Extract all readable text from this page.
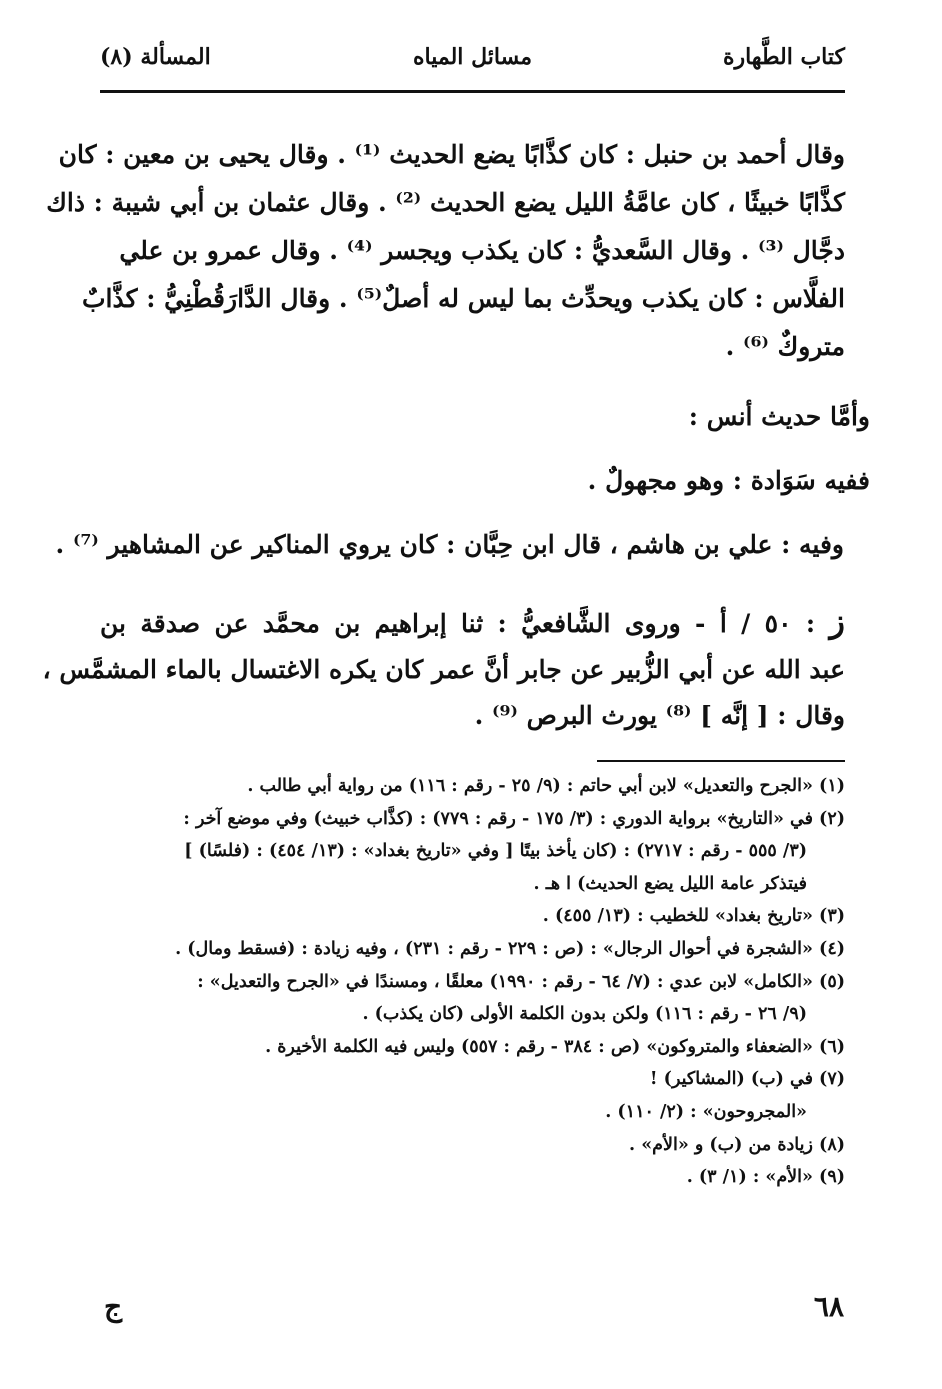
كتاب الطَّهارة
مسائل المياه
المسألة (٨)
وقال أحمد بن حنبل : كان كذَّابًا يضع الحديث ⁽¹⁾ . وقال يحيى بن معين : كان
كذَّابًا خبيثًا ، كان عامَّةُ الليل يضع الحديث ⁽²⁾ . وقال عثمان بن أبي شيبة : ذاك
دجَّال ⁽³⁾ . وقال السَّعديُّ : كان يكذب ويجسر ⁽⁴⁾ . وقال عمرو بن علي
الفلَّاس : كان يكذب ويحدِّث بما ليس له أصلٌ⁽⁵⁾ . وقال الدَّارَقُطْنِيُّ : كذَّابٌ
متروكٌ ⁽⁶⁾ .
وأمَّا حديث أنس :
ففيه سَوَادة : وهو مجهولٌ .
وفيه : علي بن هاشم ، قال ابن حِبَّان : كان يروي المناكير عن المشاهير ⁽⁷⁾ .
ز : ٥٠ / أ - وروى الشَّافعيُّ : ثنا إبراهيم بن محمَّد عن صدقة بن
عبد الله عن أبي الزُّبير عن جابر أنَّ عمر كان يكره الاغتسال بالماء المشمَّس ،
وقال : [ إنَّه ] ⁽⁸⁾ يورث البرص ⁽⁹⁾ .
(١) «الجرح والتعديل» لابن أبي حاتم : (٩/ ٢٥ - رقم : ١١٦) من رواية أبي طالب .
(٢) في «التاريخ» برواية الدوري : (٣/ ١٧٥ - رقم : ٧٧٩) : (كذَّاب خبيث) وفي موضع آخر :
(٣/ ٥٥٥ - رقم : ٢٧١٧) : (كان يأخذ بيتًا [ وفي «تاريخ بغداد» : (١٣/ ٤٥٤) : (فلسًا) ]
فيتذكر عامة الليل يضع الحديث) ا هـ .
(٣) «تاريخ بغداد» للخطيب : (١٣/ ٤٥٥) .
(٤) «الشجرة في أحوال الرجال» : (ص : ٢٢٩ - رقم : ٢٣١) ، وفيه زيادة : (فسقط ومال) .
(٥) «الكامل» لابن عدي : (٧/ ٦٤ - رقم : ١٩٩٠) معلقًا ، ومسندًا في «الجرح والتعديل» :
(٩/ ٢٦ - رقم : ١١٦) ولكن بدون الكلمة الأولى (كان يكذب) .
(٦) «الضعفاء والمتروكون» (ص : ٣٨٤ - رقم : ٥٥٧) وليس فيه الكلمة الأخيرة .
(٧) في (ب) (المشاكير) !
«المجروحون» : (٢/ ١١٠) .
(٨) زيادة من (ب) و «الأم» .
(٩) «الأم» : (١/ ٣) .
٦٨
ج
